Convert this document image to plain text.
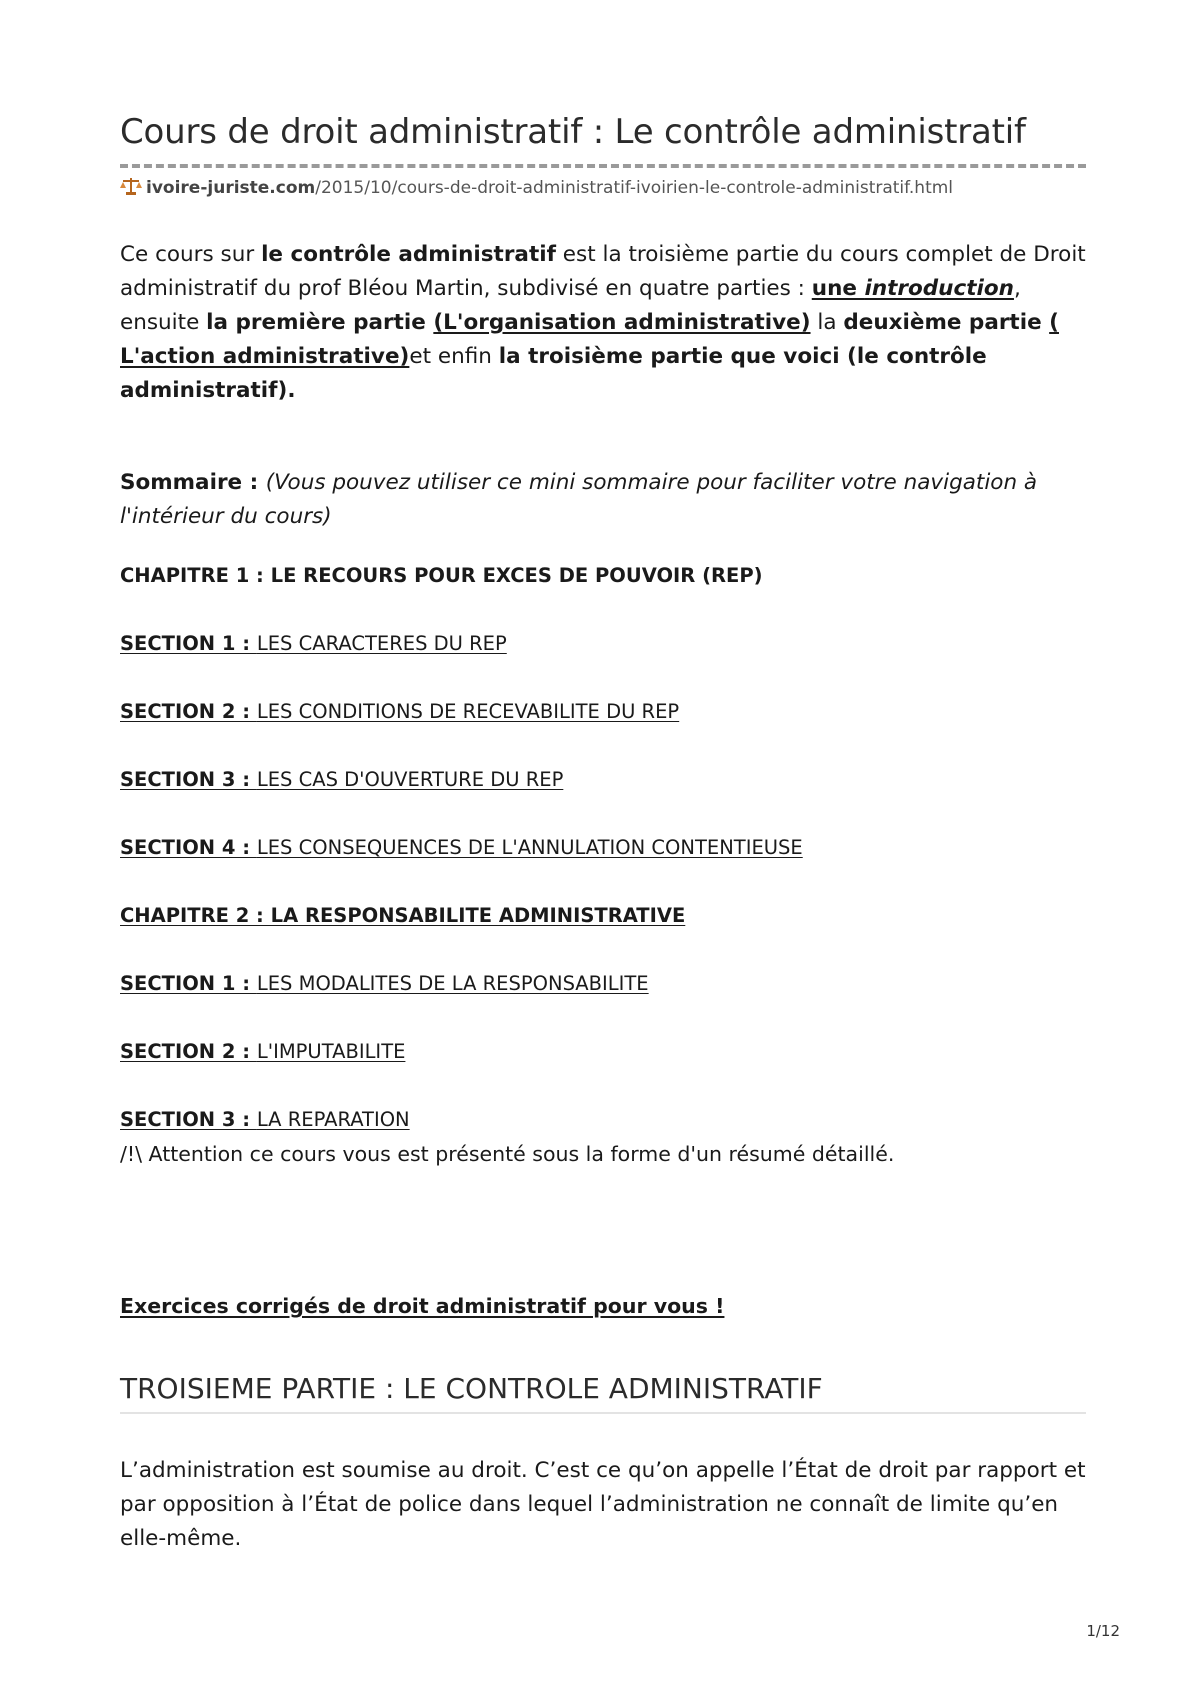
Cours de droit administratif : Le contrôle administratif
ivoire-juriste.com/2015/10/cours-de-droit-administratif-ivoirien-le-controle-administratif.html
Ce cours sur le contrôle administratif est la troisième partie du cours complet de Droit administratif du prof Bléou Martin, subdivisé en quatre parties : une introduction, ensuite la première partie (L'organisation administrative) la deuxième partie ( L'action administrative)et enfin la troisième partie que voici (le contrôle administratif).
Sommaire : (Vous pouvez utiliser ce mini sommaire pour faciliter votre navigation à l'intérieur du cours)
CHAPITRE 1 : LE RECOURS POUR EXCES DE POUVOIR (REP)
SECTION 1 : LES CARACTERES DU REP
SECTION 2 : LES CONDITIONS DE RECEVABILITE DU REP
SECTION 3 : LES CAS D'OUVERTURE DU REP
SECTION 4 : LES CONSEQUENCES DE L'ANNULATION CONTENTIEUSE
CHAPITRE 2 : LA RESPONSABILITE ADMINISTRATIVE
SECTION 1 : LES MODALITES DE LA RESPONSABILITE
SECTION 2 : L'IMPUTABILITE
SECTION 3 : LA REPARATION
/!\ Attention ce cours vous est présenté sous la forme d'un résumé détaillé.
Exercices corrigés de droit administratif pour vous !
TROISIEME PARTIE : LE CONTROLE ADMINISTRATIF
L’administration est soumise au droit. C’est ce qu’on appelle l’État de droit par rapport et par opposition à l’État de police dans lequel l’administration ne connaît de limite qu’en elle-même.
1/12
